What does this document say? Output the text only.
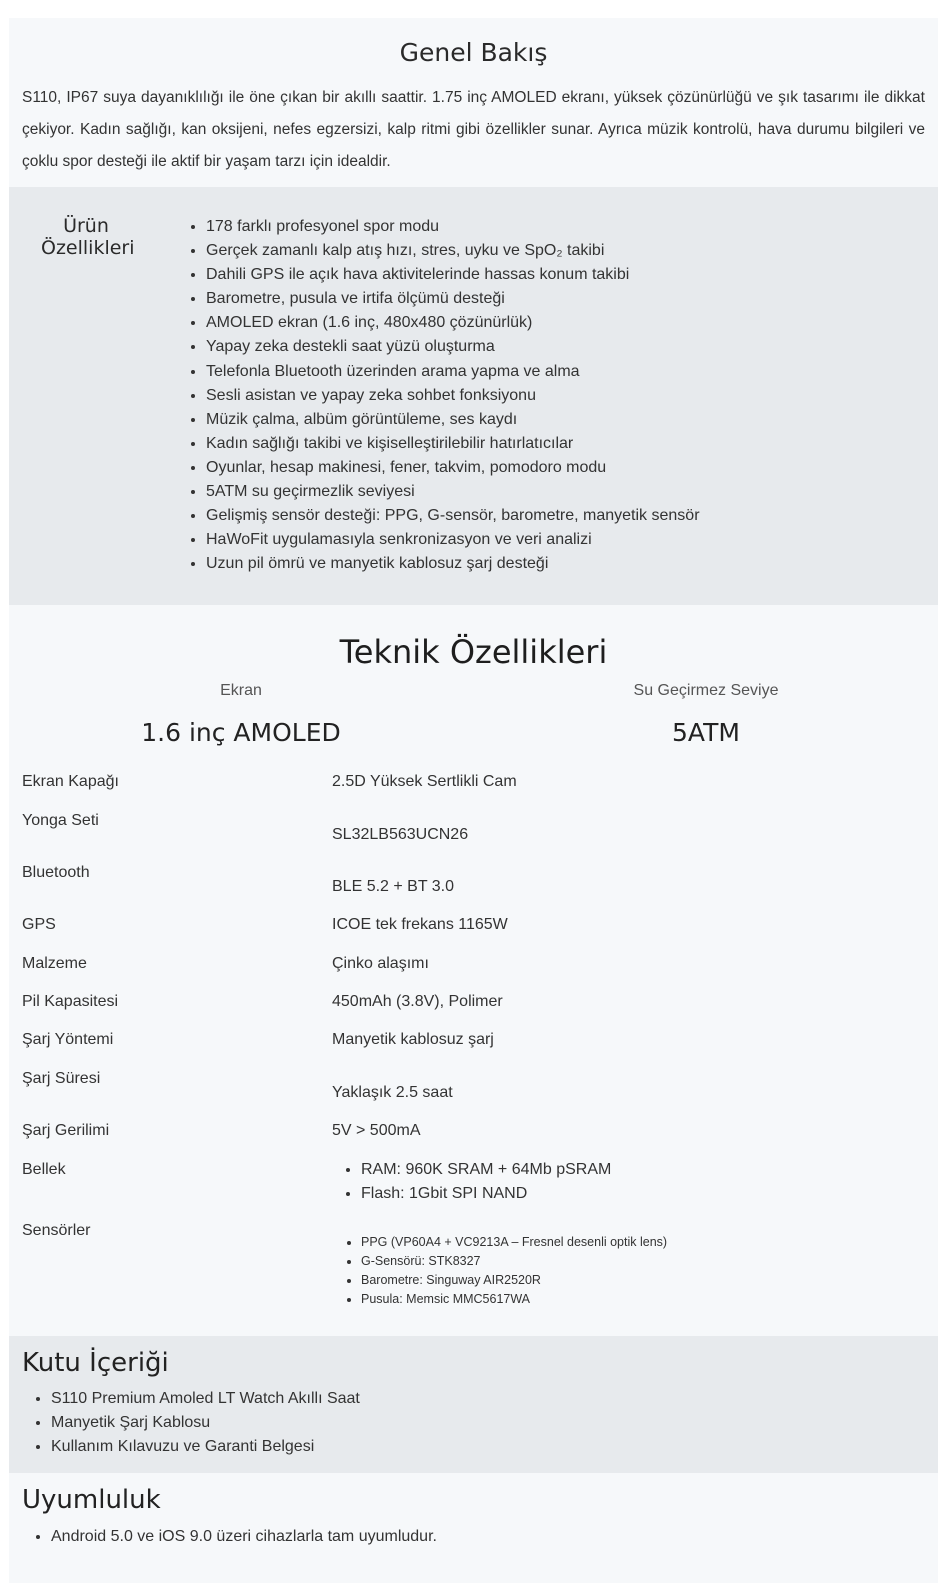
Genel Bakış

S110, IP67 suya dayanıklılığı ile öne çıkan bir akıllı saattir. 1.75 inç AMOLED ekranı, yüksek çözünürlüğü ve şık tasarımı ile dikkat çekiyor. Kadın sağlığı, kan oksijeni, nefes egzersizi, kalp ritmi gibi özellikler sunar. Ayrıca müzik kontrolü, hava durumu bilgileri ve çoklu spor desteği ile aktif bir yaşam tarzı için idealdir.

Ürün Özellikleri
• 178 farklı profesyonel spor modu
• Gerçek zamanlı kalp atış hızı, stres, uyku ve SpO₂ takibi
• Dahili GPS ile açık hava aktivitelerinde hassas konum takibi
• Barometre, pusula ve irtifa ölçümü desteği
• AMOLED ekran (1.6 inç, 480x480 çözünürlük)
• Yapay zeka destekli saat yüzü oluşturma
• Telefonla Bluetooth üzerinden arama yapma ve alma
• Sesli asistan ve yapay zeka sohbet fonksiyonu
• Müzik çalma, albüm görüntüleme, ses kaydı
• Kadın sağlığı takibi ve kişiselleştirilebilir hatırlatıcılar
• Oyunlar, hesap makinesi, fener, takvim, pomodoro modu
• 5ATM su geçirmezlik seviyesi
• Gelişmiş sensör desteği: PPG, G-sensör, barometre, manyetik sensör
• HaWoFit uygulamasıyla senkronizasyon ve veri analizi
• Uzun pil ömrü ve manyetik kablosuz şarj desteği
Teknik Özellikleri
Ekran
1.6 inç AMOLED
Su Geçirmez Seviye
5ATM
Ekran Kapağı	2.5D Yüksek Sertlikli Cam
Yonga Seti
SL32LB563UCN26
Bluetooth
BLE 5.2 + BT 3.0
GPS	ICOE tek frekans 1165W
Malzeme	Çinko alaşımı
Pil Kapasitesi	450mAh (3.8V), Polimer
Şarj Yöntemi	Manyetik kablosuz şarj
Şarj Süresi
Yaklaşık 2.5 saat
Şarj Gerilimi	5V > 500mA
Bellek
•	RAM: 960K SRAM + 64Mb pSRAM
• Flash: 1Gbit SPI NAND
Sensörler
• PPG (VP60A4 + VC9213A – Fresnel desenli optik lens)
• G-Sensörü: STK8327
• Barometre: Singuway AIR2520R
• Pusula: Memsic MMC5617WA
Kutu İçeriği
• S110 Premium Amoled LT Watch Akıllı Saat
• Manyetik Şarj Kablosu
• Kullanım Kılavuzu ve Garanti Belgesi
Uyumluluk
• Android 5.0 ve iOS 9.0 üzeri cihazlarla tam uyumludur.
